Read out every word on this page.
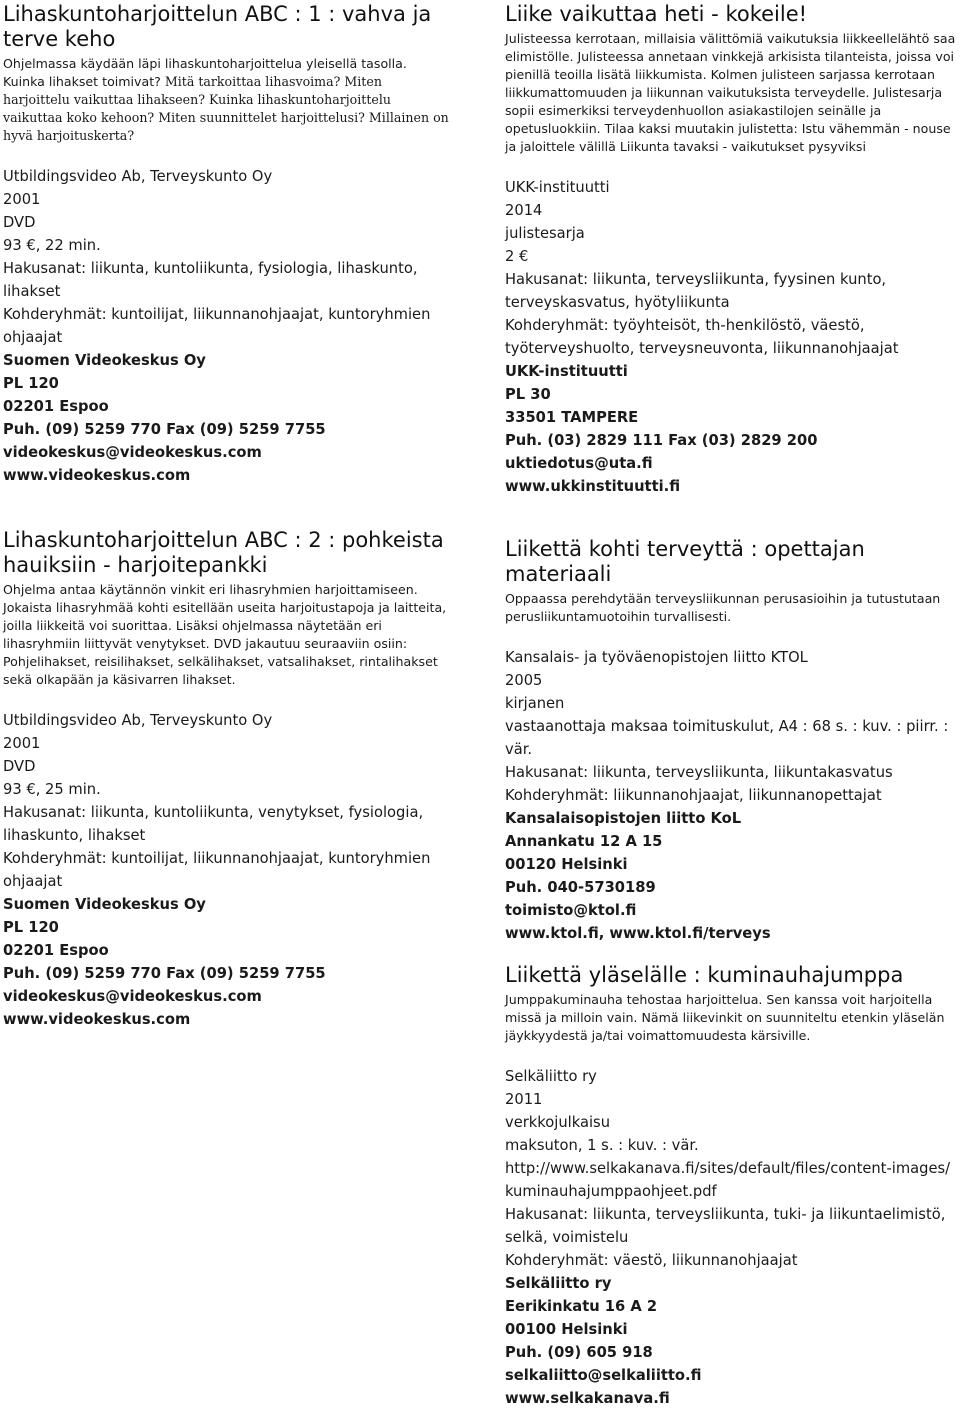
Lihaskuntoharjoittelun ABC : 1 : vahva ja terve keho

Ohjelmassa käydään läpi lihaskuntoharjoittelua yleisellä tasolla. Kuinka lihakset toimivat? Mitä tarkoittaa lihasvoima? Miten harjoittelu vaikuttaa lihakseen? Kuinka lihaskuntoharjoittelu vaikuttaa koko kehoon? Miten suunnittelet harjoittelusi? Millainen on hyvä harjoituskerta?

Utbildingsvideo Ab, Terveyskunto Oy
2001
DVD
93 €, 22 min.
Hakusanat: liikunta, kuntoliikunta, fysiologia, lihaskunto, lihakset
Kohderyhmät: kuntoilijat, liikunnanohjaajat, kuntoryhmien ohjaajat
Suomen Videokeskus Oy
PL 120
02201 Espoo
Puh. (09) 5259 770 Fax (09) 5259 7755
videokeskus@videokeskus.com
www.videokeskus.com
Liike vaikuttaa heti - kokeile!

Julisteessa kerrotaan, millaisia välittömiä vaikutuksia liikkeellelähtö saa elimistölle. Julisteessa annetaan vinkkejä arkisista tilanteista, joissa voi pienillä teoilla lisätä liikkumista. Kolmen julisteen sarjassa kerrotaan liikkumattomuuden ja liikunnan vaikutuksista terveydelle. Julistesarja sopii esimerkiksi terveydenhuollon asiakastilojen seinälle ja opetusluokkiin. Tilaa kaksi muutakin julistetta: Istu vähemmän - nouse ja jaloittele välillä Liikunta tavaksi - vaikutukset pysyviksi

UKK-instituutti
2014
julistesarja
2 €
Hakusanat: liikunta, terveysliikunta, fyysinen kunto, terveyskasvatus, hyötyliikunta
Kohderyhmät: työyhteisöt, th-henkilöstö, väestö, työterveyshuolto, terveysneuvonta, liikunnanohjaajat
UKK-instituutti
PL 30
33501 TAMPERE
Puh. (03) 2829 111 Fax (03) 2829 200
uktiedotus@uta.fi
www.ukkinstituutti.fi
Lihaskuntoharjoittelun ABC : 2 : pohkeista hauiksiin - harjoitepankki

Ohjelma antaa käytännön vinkit eri lihasryhmien harjoittamiseen. Jokaista lihasryhmää kohti esitellään useita harjoitustapoja ja laitteita, joilla liikkeitä voi suorittaa. Lisäksi ohjelmassa näytetään eri lihasryhmiin liittyvät venytykset. DVD jakautuu seuraaviin osiin: Pohjelihakset, reisilihakset, selkälihakset, vatsalihakset, rintalihakset sekä olkapään ja käsivarren lihakset.

Utbildingsvideo Ab, Terveyskunto Oy
2001
DVD
93 €, 25 min.
Hakusanat: liikunta, kuntoliikunta, venytykset, fysiologia, lihaskunto, lihakset
Kohderyhmät: kuntoilijat, liikunnanohjaajat, kuntoryhmien ohjaajat
Suomen Videokeskus Oy
PL 120
02201 Espoo
Puh. (09) 5259 770 Fax (09) 5259 7755
videokeskus@videokeskus.com
www.videokeskus.com
Liikettä kohti terveyttä : opettajan materiaali

Oppaassa perehdytään terveysliikunnan perusasioihin ja tutustutaan perusliikuntamuotoihin turvallisesti.

Kansalais- ja työväenopistojen liitto KTOL
2005
kirjanen
vastaanottaja maksaa toimituskulut, A4 : 68 s. : kuv. : piirr. : vär.
Hakusanat: liikunta, terveysliikunta, liikuntakasvatus
Kohderyhmät: liikunnanohjaajat, liikunnanopettajat
Kansalaisopistojen liitto KoL
Annankatu 12 A 15
00120 Helsinki
Puh. 040-5730189
toimisto@ktol.fi
www.ktol.fi, www.ktol.fi/terveys
Liikettä yläselälle : kuminauhajumppa

Jumppakuminauha tehostaa harjoittelua. Sen kanssa voit harjoitella missä ja milloin vain. Nämä liikevinkit on suunniteltu etenkin yläselän jäykkyydestä ja/tai voimattomuudesta kärsiville.

Selkäliitto ry
2011
verkkojulkaisu
maksuton, 1 s. : kuv. : vär.
http://www.selkakanava.fi/sites/default/files/content-images/kuminauhajumppaohjeet.pdf
Hakusanat: liikunta, terveysliikunta, tuki- ja liikuntaelimistö, selkä, voimistelu
Kohderyhmät: väestö, liikunnanohjaajat
Selkäliitto ry
Eerikinkatu 16 A 2
00100 Helsinki
Puh. (09) 605 918
selkaliitto@selkaliitto.fi
www.selkakanava.fi
